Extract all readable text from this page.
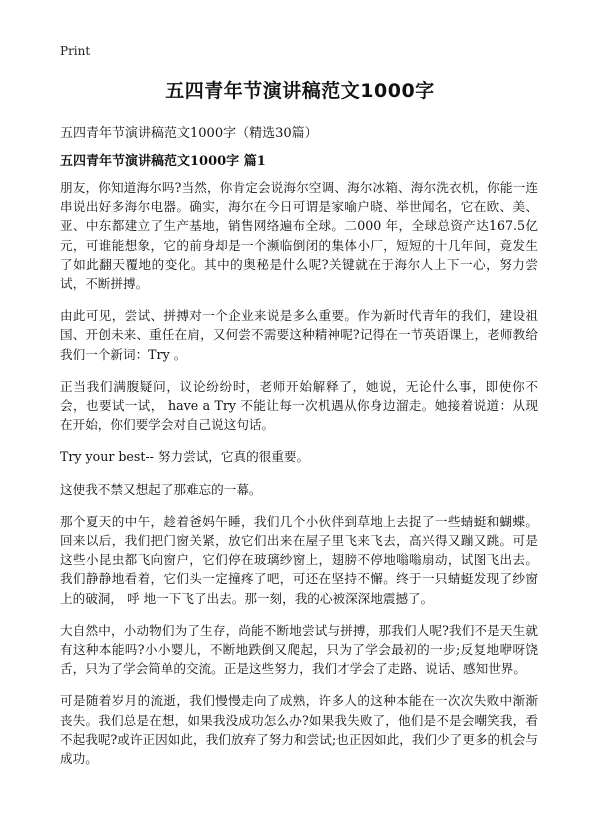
Print
五四青年节演讲稿范文1000字
五四青年节演讲稿范文1000字（精选30篇）
五四青年节演讲稿范文1000字 篇1

朋友，你知道海尔吗?当然，你肯定会说海尔空调、海尔冰箱、海尔洗衣机，你能一连串说出好多海尔电器。确实，海尔在今日可谓是家喻户晓、举世闻名，它在欧、美、亚、中东都建立了生产基地，销售网络遍布全球。二000 年，全球总资产达167.5亿元，可谁能想象，它的前身却是一个濒临倒闭的集体小厂，短短的十几年间，竟发生了如此翻天覆地的变化。其中的奥秘是什么呢?关键就在于海尔人上下一心，努力尝试，不断拼搏。

由此可见，尝试、拼搏对一个企业来说是多么重要。作为新时代青年的我们，建设祖国、开创未来、重任在肩，又何尝不需要这种精神呢?记得在一节英语课上，老师教给我们一个新词：Try 。

正当我们满腹疑问，议论纷纷时，老师开始解释了，她说，无论什么事，即使你不会，也要试一试， have a Try 不能让每一次机遇从你身边溜走。她接着说道：从现在开始，你们要学会对自己说这句话。

Try your best-- 努力尝试，它真的很重要。

这使我不禁又想起了那难忘的一幕。

那个夏天的中午，趁着爸妈午睡，我们几个小伙伴到草地上去捉了一些蜻蜓和蝴蝶。回来以后，我们把门窗关紧，放它们出来在屋子里飞来飞去，高兴得又蹦又跳。可是这些小昆虫都飞向窗户，它们停在玻璃纱窗上，翅膀不停地嗡嗡扇动，试图飞出去。我们静静地看着，它们头一定撞疼了吧，可还在坚持不懈。终于一只蜻蜓发现了纱窗上的破洞， 呼 地一下飞了出去。那一刻，我的心被深深地震撼了。

大自然中，小动物们为了生存，尚能不断地尝试与拼搏，那我们人呢?我们不是天生就有这种本能吗?小小婴儿，不断地跌倒又爬起，只为了学会最初的一步;反复地咿呀饶舌，只为了学会简单的交流。正是这些努力，我们才学会了走路、说话、感知世界。

可是随着岁月的流逝，我们慢慢走向了成熟，许多人的这种本能在一次次失败中渐渐丧失。我们总是在想，如果我没成功怎么办?如果我失败了，他们是不是会嘲笑我，看不起我呢?或许正因如此，我们放弃了努力和尝试;也正因如此，我们少了更多的机会与成功。
